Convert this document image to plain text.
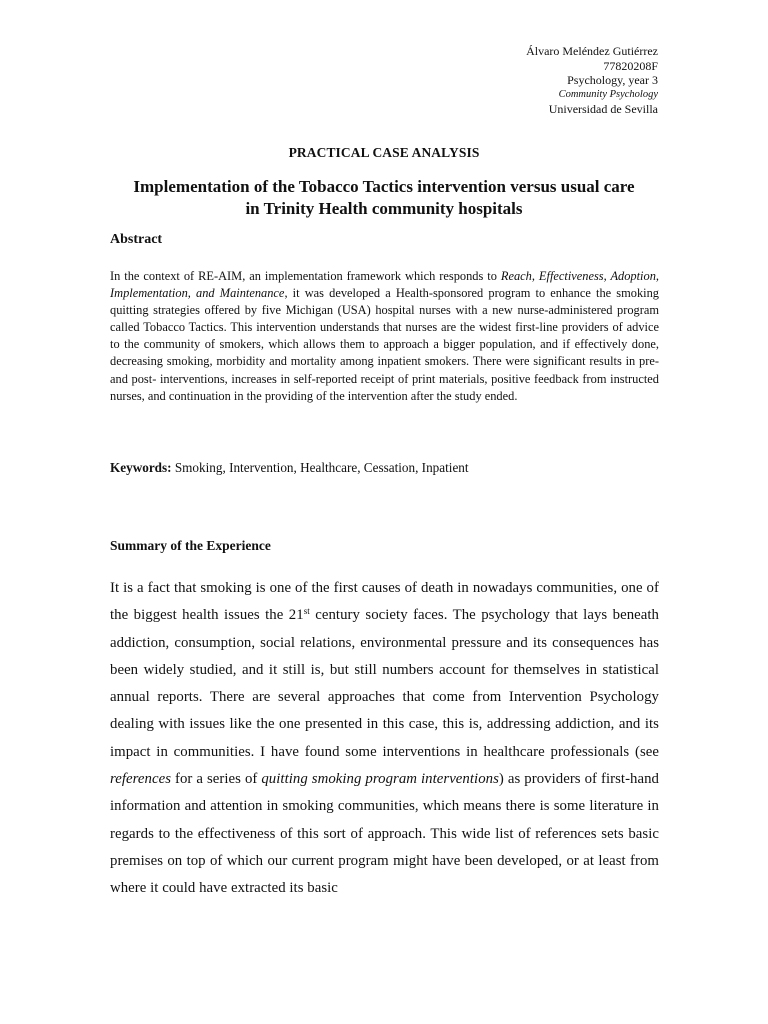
Álvaro Meléndez Gutiérrez
77820208F
Psychology, year 3
Community Psychology
Universidad de Sevilla
PRACTICAL CASE ANALYSIS
Implementation of the Tobacco Tactics intervention versus usual care
in Trinity Health community hospitals
Abstract

In the context of RE-AIM, an implementation framework which responds to Reach, Effectiveness, Adoption, Implementation, and Maintenance, it was developed a Health-sponsored program to enhance the smoking quitting strategies offered by five Michigan (USA) hospital nurses with a new nurse-administered program called Tobacco Tactics. This intervention understands that nurses are the widest first-line providers of advice to the community of smokers, which allows them to approach a bigger population, and if effectively done, decreasing smoking, morbidity and mortality among inpatient smokers. There were significant results in pre- and post- interventions, increases in self-reported receipt of print materials, positive feedback from instructed nurses, and continuation in the providing of the intervention after the study ended.

Keywords: Smoking, Intervention, Healthcare, Cessation, Inpatient

Summary of the Experience

It is a fact that smoking is one of the first causes of death in nowadays communities, one of the biggest health issues the 21st century society faces. The psychology that lays beneath addiction, consumption, social relations, environmental pressure and its consequences has been widely studied, and it still is, but still numbers account for themselves in statistical annual reports. There are several approaches that come from Intervention Psychology dealing with issues like the one presented in this case, this is, addressing addiction, and its impact in communities. I have found some interventions in healthcare professionals (see references for a series of quitting smoking program interventions) as providers of first-hand information and attention in smoking communities, which means there is some literature in regards to the effectiveness of this sort of approach. This wide list of references sets basic premises on top of which our current program might have been developed, or at least from where it could have extracted its basic
